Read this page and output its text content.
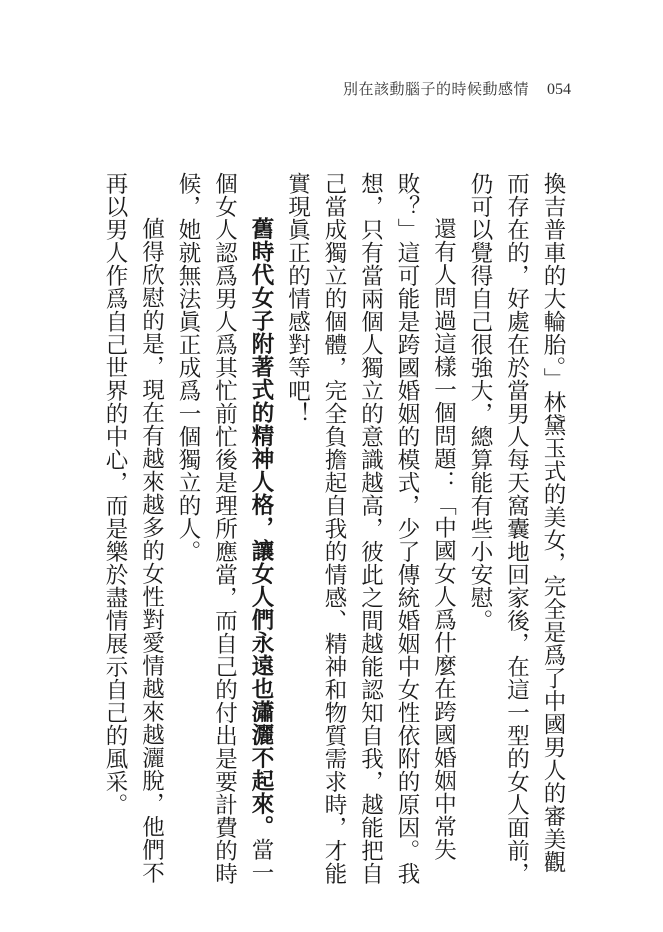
別在該動腦子的時候動感情 054

換吉普車的大輪胎。」林黛玉式的美女，完全是爲了中國男人的審美觀而存在的，好處在於當男人每天窩囊地回家後，在這一型的女人面前，仍可以覺得自己很強大，總算能有些小安慰。

還有人問過這樣一個問題：「中國女人爲什麼在跨國婚姻中常失敗？」這可能是跨國婚姻的模式，少了傳統婚姻中女性依附的原因。我想，只有當兩個人獨立的意識越高，彼此之間越能認知自我，越能把自己當成獨立的個體，完全負擔起自我的情感、精神和物質需求時，才能實現眞正的情感對等吧！

舊時代女子附著式的精神人格，讓女人們永遠也瀟灑不起來。當一個女人認爲男人爲其忙前忙後是理所應當，而自己的付出是要計費的時候，她就無法眞正成爲一個獨立的人。

値得欣慰的是，現在有越來越多的女性對愛情越來越灑脫，他們不再以男人作爲自己世界的中心，而是樂於盡情展示自己的風采。
